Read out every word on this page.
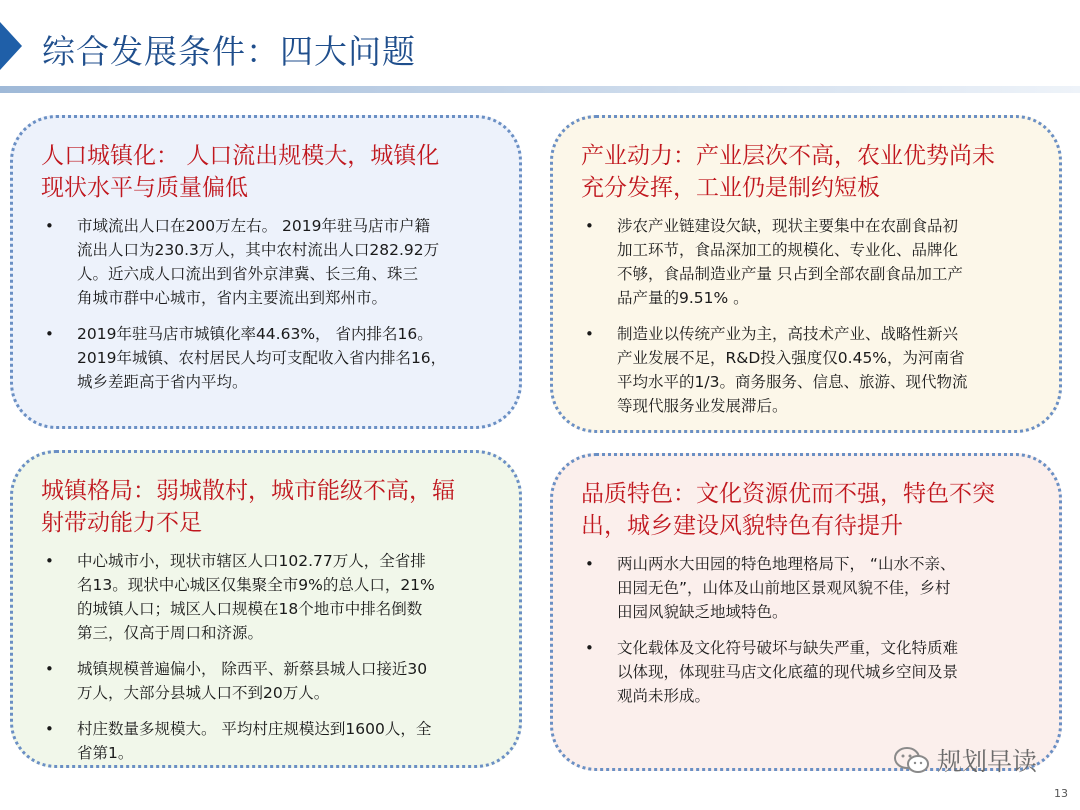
综合发展条件：四大问题
人口城镇化： 人口流出规模大，城镇化
现状水平与质量偏低
• 市域流出人口在200万左右。 2019年驻马店市户籍
流出人口为230.3万人，其中农村流出人口282.92万
人。近六成人口流出到省外京津冀、长三角、珠三
角城市群中心城市，省内主要流出到郑州市。
• 2019年驻马店市城镇化率44.63%， 省内排名16。
2019年城镇、农村居民人均可支配收入省内排名16，
城乡差距高于省内平均。
产业动力：产业层次不高，农业优势尚未
充分发挥，工业仍是制约短板
• 涉农产业链建设欠缺，现状主要集中在农副食品初
加工环节，食品深加工的规模化、专业化、品牌化
不够，食品制造业产量 只占到全部农副食品加工产
品产量的9.51% 。
• 制造业以传统产业为主，高技术产业、战略性新兴
产业发展不足，R&D投入强度仅0.45%，为河南省
平均水平的1/3。商务服务、信息、旅游、现代物流
等现代服务业发展滞后。
城镇格局：弱城散村，城市能级不高，辐
射带动能力不足
• 中心城市小，现状市辖区人口102.77万人，全省排
名13。现状中心城区仅集聚全市9%的总人口，21%
的城镇人口；城区人口规模在18个地市中排名倒数
第三，仅高于周口和济源。
• 城镇规模普遍偏小， 除西平、新蔡县城人口接近30
万人，大部分县城人口不到20万人。
• 村庄数量多规模大。 平均村庄规模达到1600人，全
省第1。
品质特色：文化资源优而不强，特色不突
出，城乡建设风貌特色有待提升
• 两山两水大田园的特色地理格局下， “山水不亲、
田园无色”，山体及山前地区景观风貌不佳，乡村
田园风貌缺乏地域特色。
• 文化载体及文化符号破坏与缺失严重，文化特质难
以体现，体现驻马店文化底蕴的现代城乡空间及景
观尚未形成。
规划早读
13
